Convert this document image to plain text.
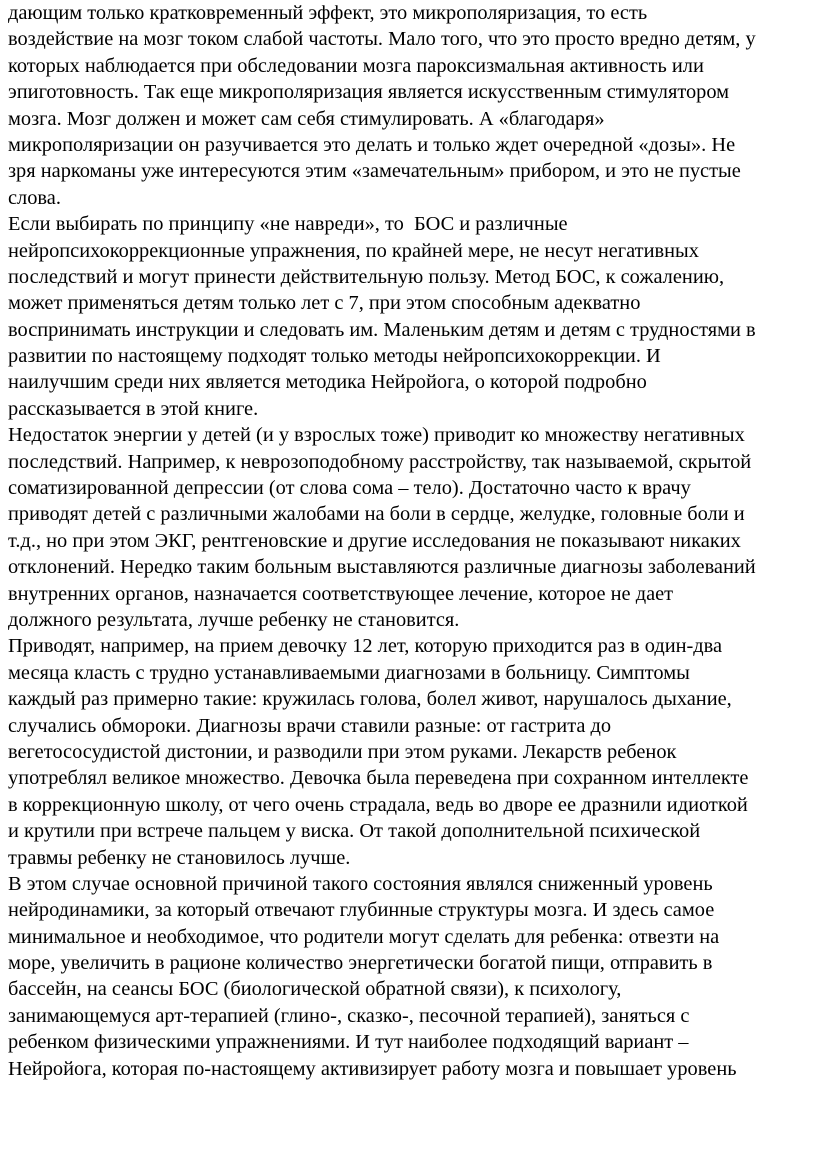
дающим только кратковременный эффект, это микрополяризация, то есть
воздействие на мозг током слабой частоты. Мало того, что это просто вредно детям, у
которых наблюдается при обследовании мозга пароксизмальная активность или
эпиготовность. Так еще микрополяризация является искусственным стимулятором
мозга. Мозг должен и может сам себя стимулировать. А «благодаря»
микрополяризации он разучивается это делать и только ждет очередной «дозы». Не
зря наркоманы уже интересуются этим «замечательным» прибором, и это не пустые
слова.
Если выбирать по принципу «не навреди», то  БОС и различные
нейропсихокоррекционные упражнения, по крайней мере, не несут негативных
последствий и могут принести действительную пользу. Метод БОС, к сожалению,
может применяться детям только лет с 7, при этом способным адекватно
воспринимать инструкции и следовать им. Маленьким детям и детям с трудностями в
развитии по настоящему подходят только методы нейропсихокоррекции. И
наилучшим среди них является методика Нейройога, о которой подробно
рассказывается в этой книге.
Недостаток энергии у детей (и у взрослых тоже) приводит ко множеству негативных
последствий. Например, к неврозоподобному расстройству, так называемой, скрытой
соматизированной депрессии (от слова сома – тело). Достаточно часто к врачу
приводят детей с различными жалобами на боли в сердце, желудке, головные боли и
т.д., но при этом ЭКГ, рентгеновские и другие исследования не показывают никаких
отклонений. Нередко таким больным выставляются различные диагнозы заболеваний
внутренних органов, назначается соответствующее лечение, которое не дает
должного результата, лучше ребенку не становится.
Приводят, например, на прием девочку 12 лет, которую приходится раз в один-два
месяца класть с трудно устанавливаемыми диагнозами в больницу. Симптомы
каждый раз примерно такие: кружилась голова, болел живот, нарушалось дыхание,
случались обмороки. Диагнозы врачи ставили разные: от гастрита до
вегетососудистой дистонии, и разводили при этом руками. Лекарств ребенок
употреблял великое множество. Девочка была переведена при сохранном интеллекте
в коррекционную школу, от чего очень страдала, ведь во дворе ее дразнили идиоткой
и крутили при встрече пальцем у виска. От такой дополнительной психической
травмы ребенку не становилось лучше.
В этом случае основной причиной такого состояния являлся сниженный уровень
нейродинамики, за который отвечают глубинные структуры мозга. И здесь самое
минимальное и необходимое, что родители могут сделать для ребенка: отвезти на
море, увеличить в рационе количество энергетически богатой пищи, отправить в
бассейн, на сеансы БОС (биологической обратной связи), к психологу,
занимающемуся арт-терапией (глино-, сказко-, песочной терапией), заняться с
ребенком физическими упражнениями. И тут наиболее подходящий вариант –
Нейройога, которая по-настоящему активизирует работу мозга и повышает уровень
